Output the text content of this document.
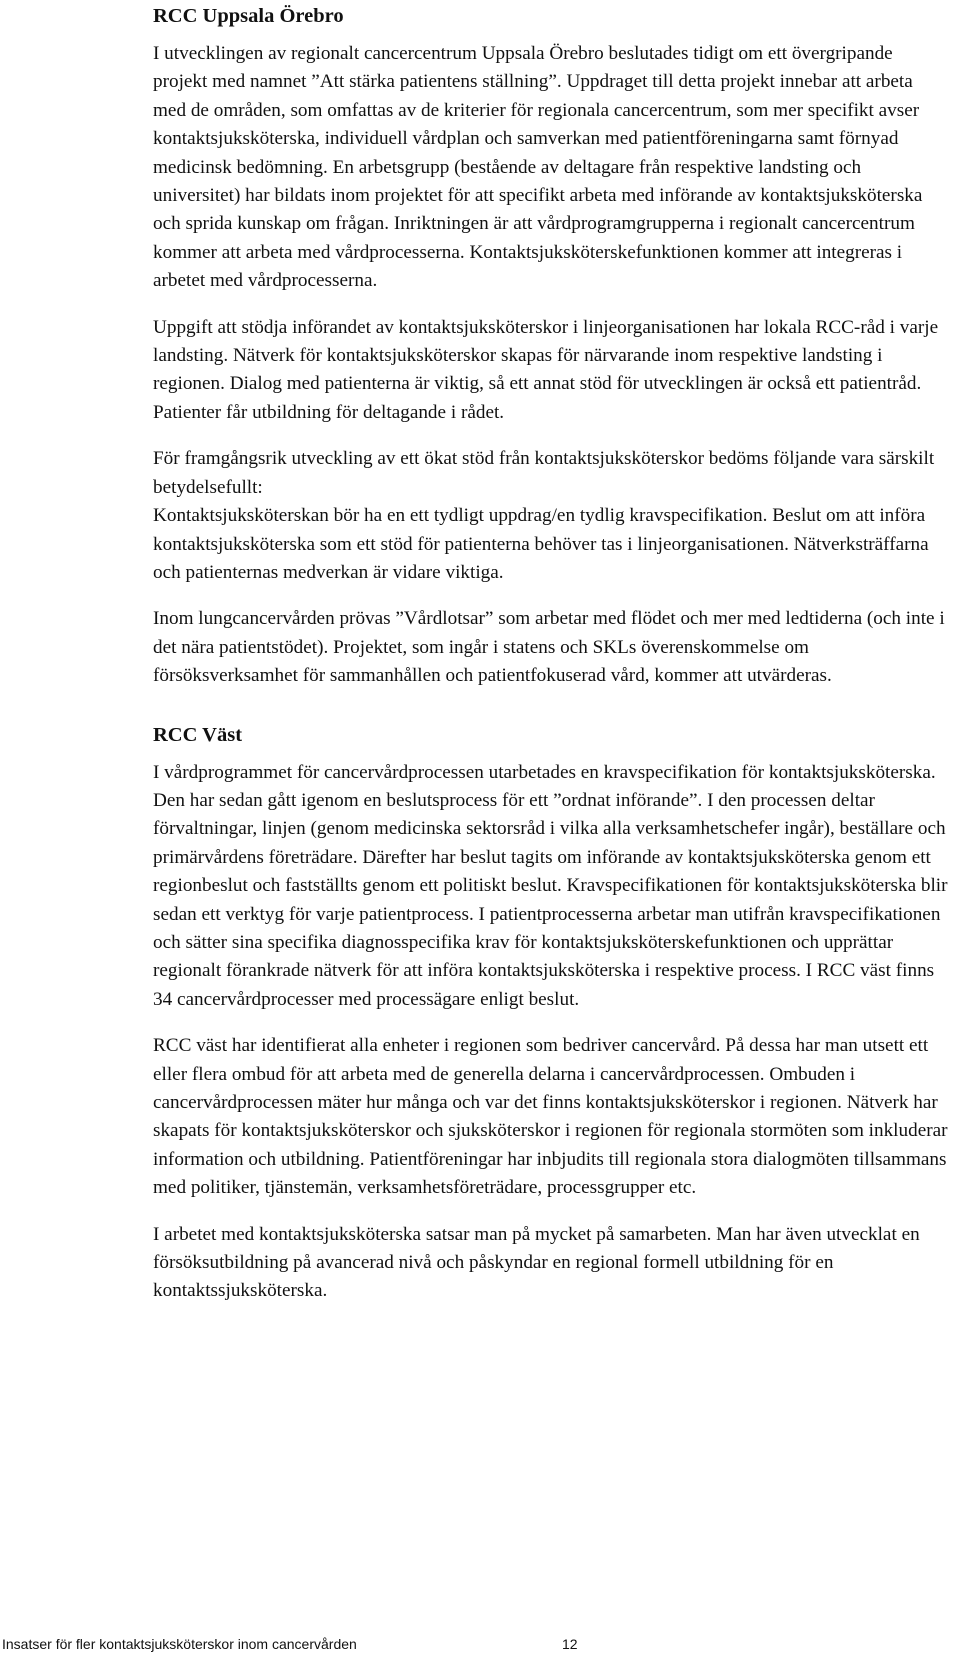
RCC Uppsala Örebro

I utvecklingen av regionalt cancercentrum Uppsala Örebro beslutades tidigt om ett övergripande projekt med namnet ”Att stärka patientens ställning”. Uppdraget till detta projekt innebar att arbeta med de områden, som omfattas av de kriterier för regionala cancercentrum, som mer specifikt avser kontaktsjuksköterska, individuell vårdplan och samverkan med patientföreningarna samt förnyad medicinsk bedömning. En arbetsgrupp (bestående av deltagare från respektive landsting och universitet) har bildats inom projektet för att specifikt arbeta med införande av kontaktsjuksköterska och sprida kunskap om frågan. Inriktningen är att vårdprogramgrupperna i regionalt cancercentrum kommer att arbeta med vårdprocesserna. Kontaktsjuksköterskefunktionen kommer att integreras i arbetet med vårdprocesserna.

Uppgift att stödja införandet av kontaktsjuksköterskor i linjeorganisationen har lokala RCC-råd i varje landsting. Nätverk för kontaktsjuksköterskor skapas för närvarande inom respektive landsting i regionen. Dialog med patienterna är viktig, så ett annat stöd för utvecklingen är också ett patientråd. Patienter får utbildning för deltagande i rådet.

För framgångsrik utveckling av ett ökat stöd från kontaktsjuksköterskor bedöms följande vara särskilt betydelsefullt:

Kontaktsjuksköterskan bör ha en ett tydligt uppdrag/en tydlig kravspecifikation. Beslut om att införa kontaktsjuksköterska som ett stöd för patienterna behöver tas i linjeorganisationen. Nätverksträffarna och patienternas medverkan är vidare viktiga.

Inom lungcancervården prövas ”Vårdlotsar” som arbetar med flödet och mer med ledtiderna (och inte i det nära patientstödet). Projektet, som ingår i statens och SKLs överenskommelse om försöksverksamhet för sammanhållen och patientfokuserad vård, kommer att utvärderas.

RCC Väst

I vårdprogrammet för cancervårdprocessen utarbetades en kravspecifikation för kontaktsjuksköterska. Den har sedan gått igenom en beslutsprocess för ett ”ordnat införande”. I den processen deltar förvaltningar, linjen (genom medicinska sektorsråd i vilka alla verksamhetschefer ingår), beställare och primärvårdens företrädare. Därefter har beslut tagits om införande av kontaktsjuksköterska genom ett regionbeslut och fastställts genom ett politiskt beslut. Kravspecifikationen för kontaktsjuksköterska blir sedan ett verktyg för varje patientprocess. I patientprocesserna arbetar man utifrån kravspecifikationen och sätter sina specifika diagnosspecifika krav för kontaktsjuksköterskefunktionen och upprättar regionalt förankrade nätverk för att införa kontaktsjuksköterska i respektive process. I RCC väst finns 34 cancervårdprocesser med processägare enligt beslut.

RCC väst har identifierat alla enheter i regionen som bedriver cancervård. På dessa har man utsett ett eller flera ombud för att arbeta med de generella delarna i cancervårdprocessen. Ombuden i cancervårdprocessen mäter hur många och var det finns kontaktsjuksköterskor i regionen. Nätverk har skapats för kontaktsjuksköterskor och sjuksköterskor i regionen för regionala stormöten som inkluderar information och utbildning. Patientföreningar har inbjudits till regionala stora dialogmöten tillsammans med politiker, tjänstemän, verksamhetsföreträdare, processgrupper etc.

I arbetet med kontaktsjuksköterska satsar man på mycket på samarbeten. Man har även utvecklat en försöksutbildning på avancerad nivå och påskyndar en regional formell utbildning för en kontaktssjuksköterska.

Insatser för fler kontaktsjuksköterskor inom cancervården	12
